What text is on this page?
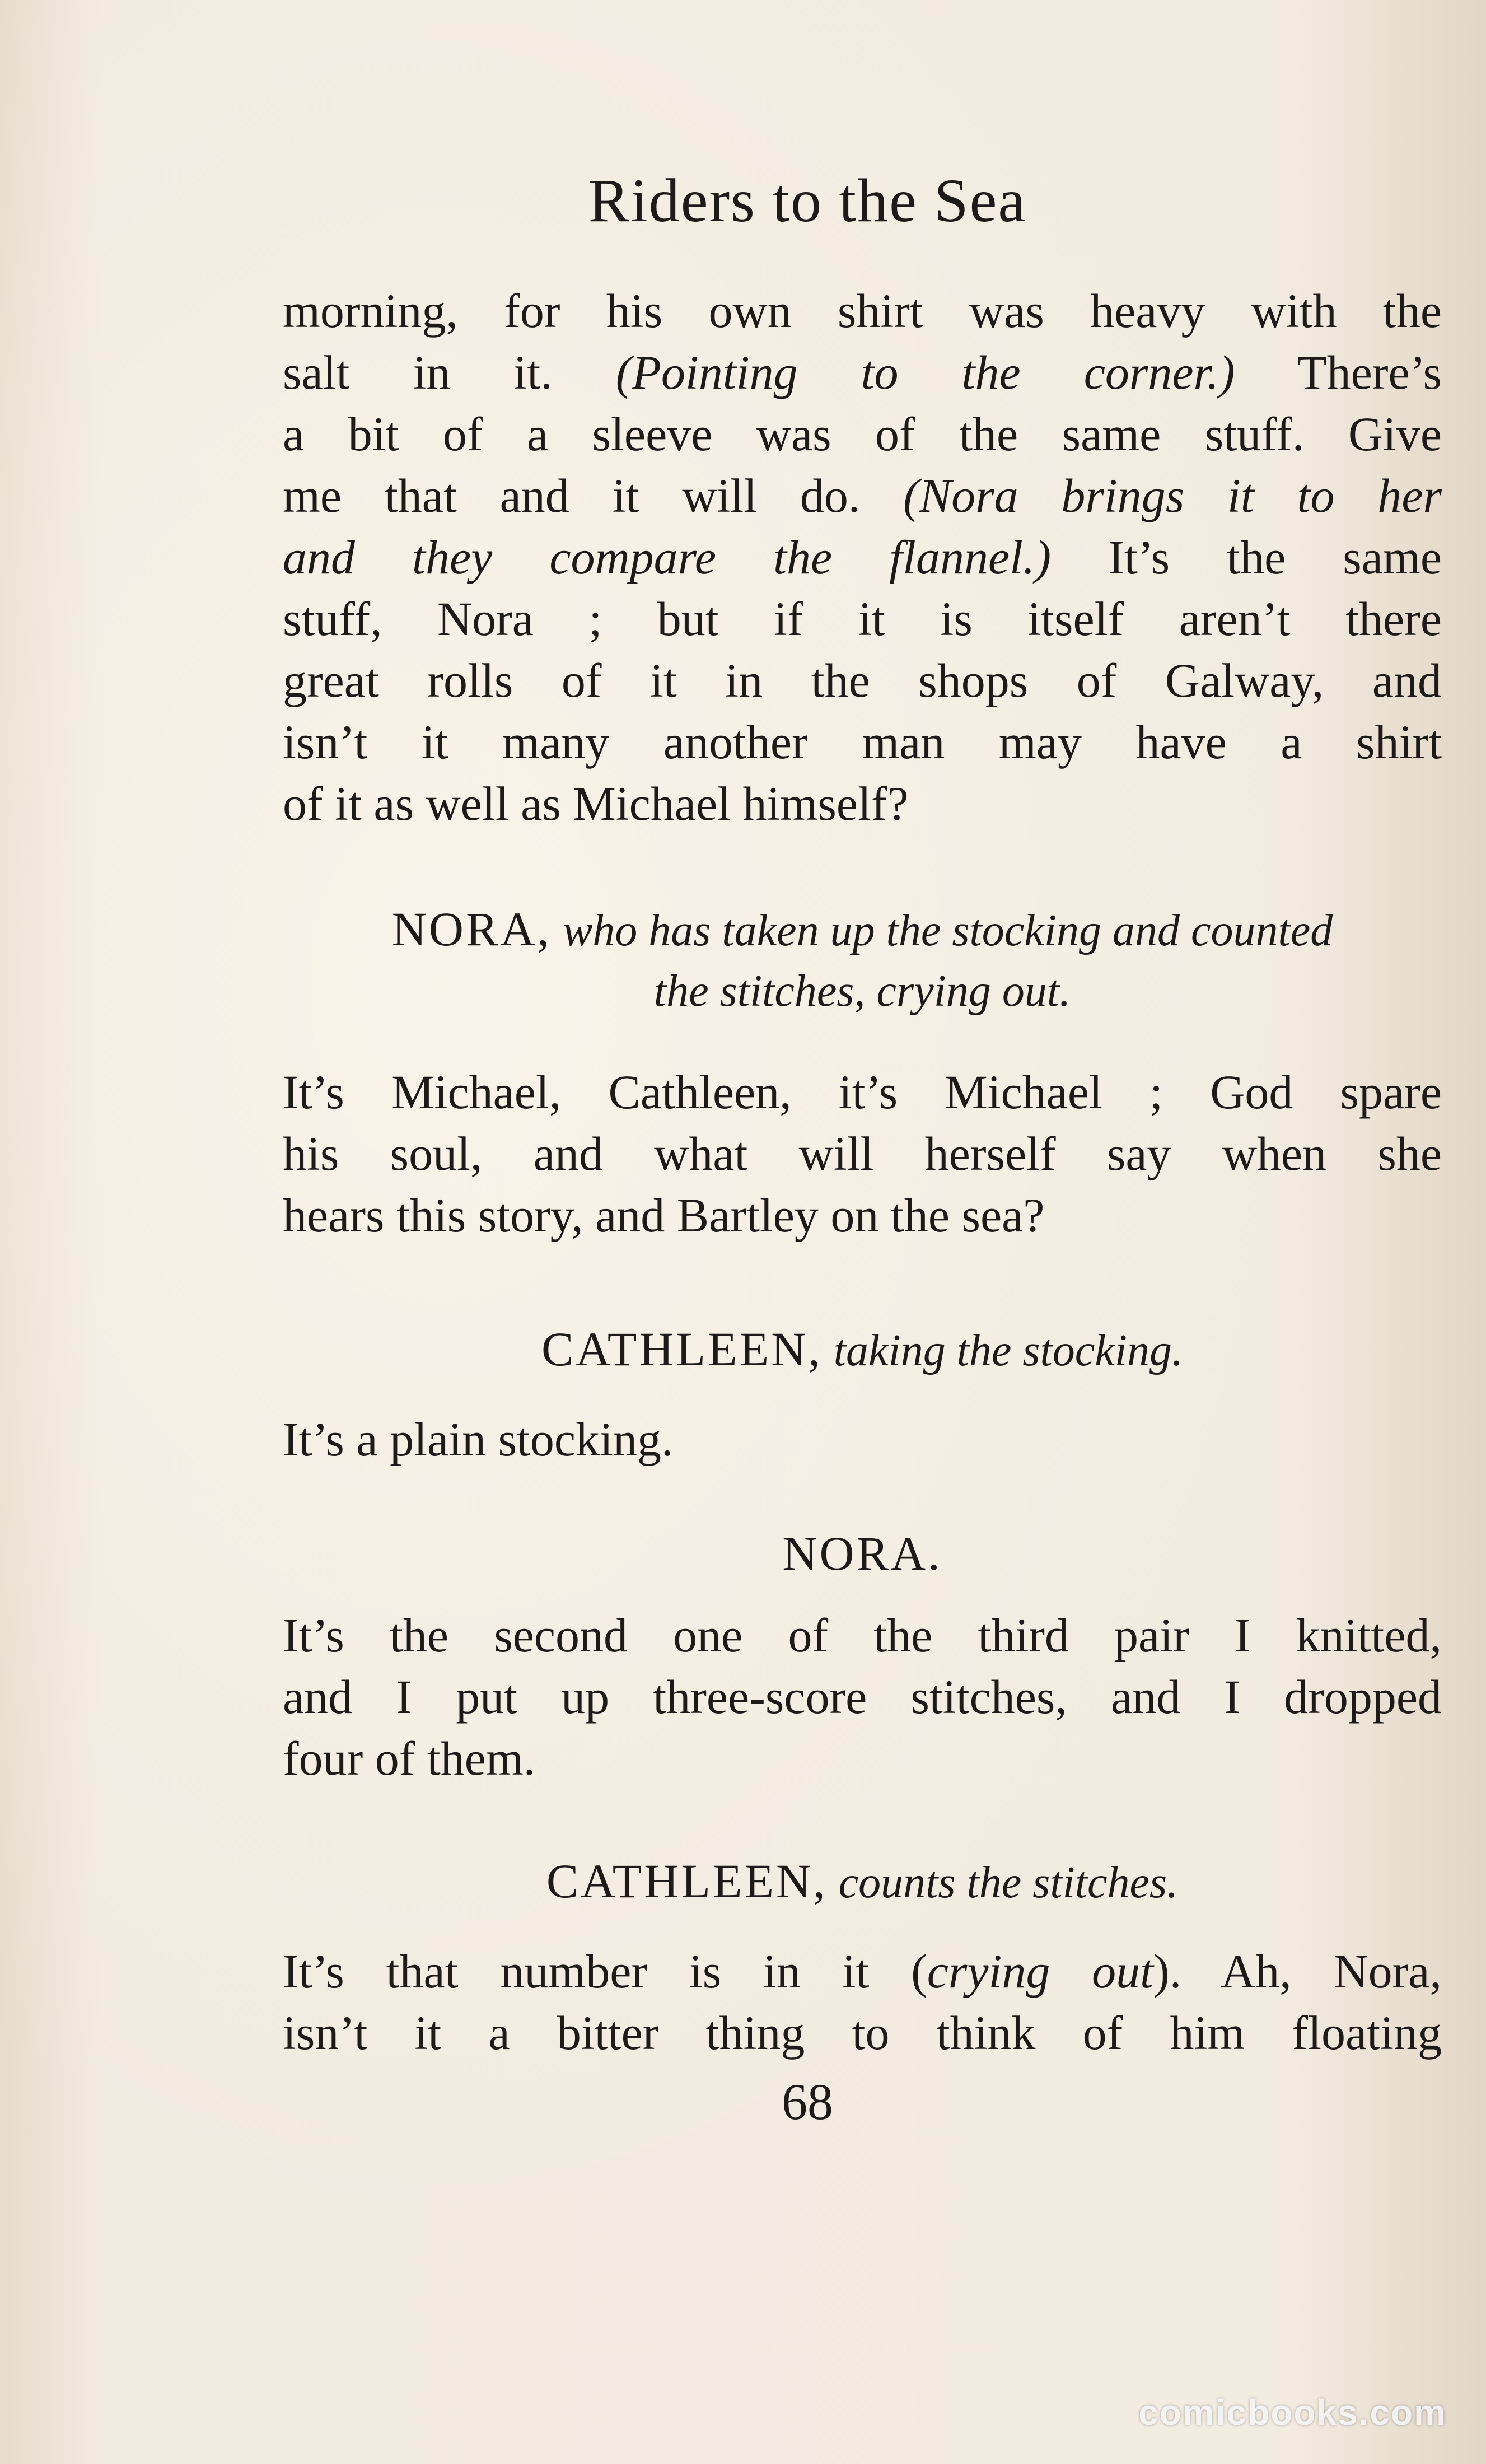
Riders to the Sea
morning, for his own shirt was heavy with the
salt in it. (Pointing to the corner.) There’s
a bit of a sleeve was of the same stuff. Give
me that and it will do. (Nora brings it to her
and they compare the flannel.) It’s the same
stuff, Nora ; but if it is itself aren’t there
great rolls of it in the shops of Galway, and
isn’t it many another man may have a shirt
of it as well as Michael himself?
NORA, who has taken up the stocking and counted
the stitches, crying out.
It’s Michael, Cathleen, it’s Michael ; God spare
his soul, and what will herself say when she
hears this story, and Bartley on the sea?
CATHLEEN, taking the stocking.
It’s a plain stocking.
NORA.
It’s the second one of the third pair I knitted,
and I put up three-score stitches, and I dropped
four of them.
CATHLEEN, counts the stitches.
It’s that number is in it (crying out). Ah, Nora,
isn’t it a bitter thing to think of him floating
68
comicbooks.com
